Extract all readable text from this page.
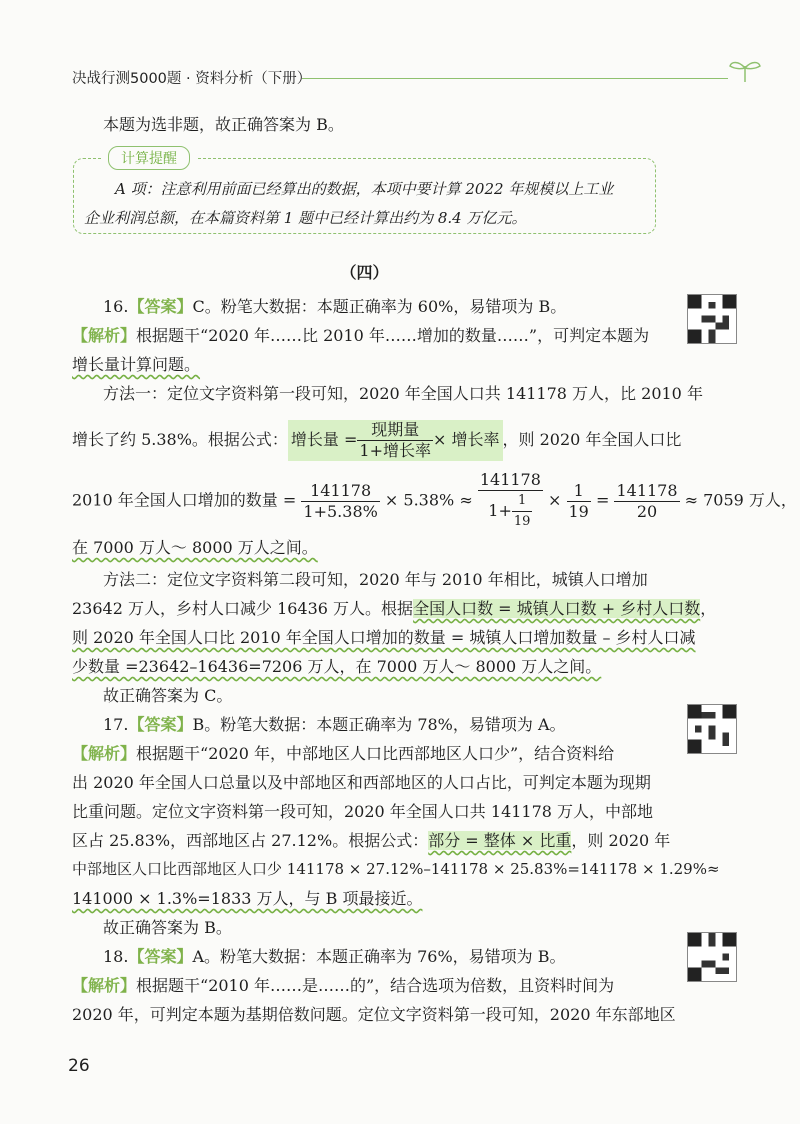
决战行测5000题 · 资料分析（下册）
本题为选非题，故正确答案为 B。
计算提醒
A 项：注意利用前面已经算出的数据，本项中要计算 2022 年规模以上工业
企业利润总额，在本篇资料第 1 题中已经计算出约为 8.4 万亿元。
（四）
16.【答案】C。粉笔大数据：本题正确率为 60%，易错项为 B。
【解析】根据题干“2020 年……比 2010 年……增加的数量……”，可判定本题为
增长量计算问题。
方法一：定位文字资料第一段可知，2020 年全国人口共 141178 万人，比 2010 年
增长了约 5.38%。根据公式： 增长量 = $\frac{\text{现期量}}{\text{1+增长率}}$ × 增长率 ，则 2020 年全国人口比
2010 年全国人口增加的数量 = $\frac{141178}{1+5.38\%} \times 5.38\% \approx \frac{141178}{1+ \frac{1}{19}} \times \frac{1}{19} = \frac{141178}{20} \approx 7059$ 万人，
在 7000 万人～ 8000 万人之间。
方法二：定位文字资料第二段可知，2020 年与 2010 年相比，城镇人口增加
23642 万人，乡村人口减少 16436 万人。根据全国人口数 = 城镇人口数 + 乡村人口数，
则 2020 年全国人口比 2010 年全国人口增加的数量 = 城镇人口增加数量 – 乡村人口减
少数量 =23642–16436=7206 万人，在 7000 万人～ 8000 万人之间。
故正确答案为 C。
17.【答案】B。粉笔大数据：本题正确率为 78%，易错项为 A。
【解析】根据题干“2020 年，中部地区人口比西部地区人口少”，结合资料给
出 2020 年全国人口总量以及中部地区和西部地区的人口占比，可判定本题为现期
比重问题。定位文字资料第一段可知，2020 年全国人口共 141178 万人，中部地
区占 25.83%，西部地区占 27.12%。根据公式：部分 = 整体 × 比重，则 2020 年
中部地区人口比西部地区人口少 141178 × 27.12%–141178 × 25.83%=141178 × 1.29%≈
141000 × 1.3%=1833 万人，与 B 项最接近。
故正确答案为 B。
18.【答案】A。粉笔大数据：本题正确率为 76%，易错项为 B。
【解析】根据题干“2010 年……是……的”，结合选项为倍数，且资料时间为
2020 年，可判定本题为基期倍数问题。定位文字资料第一段可知，2020 年东部地区
26
